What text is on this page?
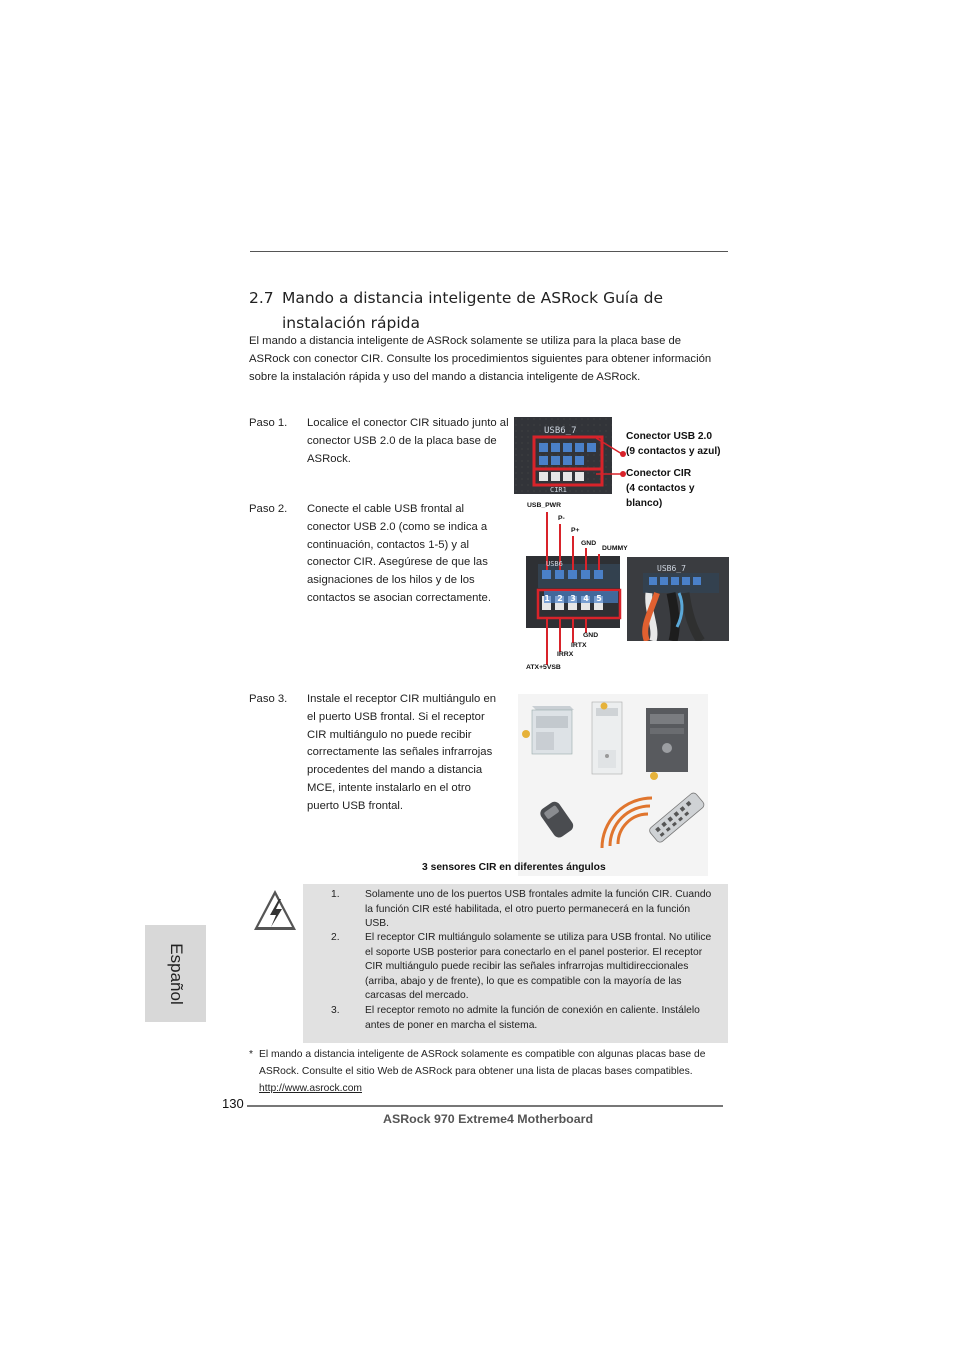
2.7 Mando a distancia inteligente de ASRock Guía de instalación rápida
El mando a distancia inteligente de ASRock solamente se utiliza para la placa base de ASRock con conector CIR. Consulte los procedimientos siguientes para obtener información sobre la instalación rápida y uso del mando a distancia inteligente de ASRock.
Paso 1. Localice el conector CIR situado junto al conector USB 2.0 de la placa base de ASRock.
Paso 2. Conecte el cable USB frontal al conector USB 2.0 (como se indica a continuación, contactos 1-5) y al conector CIR. Asegúrese de que las asignaciones de los hilos y de los contactos se asocian correctamente.
Paso 3. Instale el receptor CIR multiángulo en el puerto USB frontal. Si el receptor CIR multiángulo no puede recibir correctamente las señales infrarrojas procedentes del mando a distancia MCE, intente instalarlo en el otro puerto USB frontal.
USB6_7
CIR1
Conector USB 2.0
(9 contactos y azul)
Conector CIR
(4 contactos y
blanco)
USB6
1 2 3 4 5
USB_PWR
P-
P+
GND
DUMMY
GND
IRTX
IRRX
ATX+5VSB
USB6_7
3 sensores CIR en diferentes ángulos
1. Solamente uno de los puertos USB frontales admite la función CIR. Cuando la función CIR esté habilitada, el otro puerto permanecerá en la función USB.
2. El receptor CIR multiángulo solamente se utiliza para USB frontal. No utilice el soporte USB posterior para conectarlo en el panel posterior. El receptor CIR multiángulo puede recibir las señales infrarrojas multidireccionales (arriba, abajo y de frente), lo que es compatible con la mayoría de las carcasas del mercado.
3. El receptor remoto no admite la función de conexión en caliente. Instálelo antes de poner en marcha el sistema.
* El mando a distancia inteligente de ASRock solamente es compatible con algunas placas base de ASRock. Consulte el sitio Web de ASRock para obtener una lista de placas bases compatibles. http://www.asrock.com
Español
130
ASRock 970 Extreme4 Motherboard
